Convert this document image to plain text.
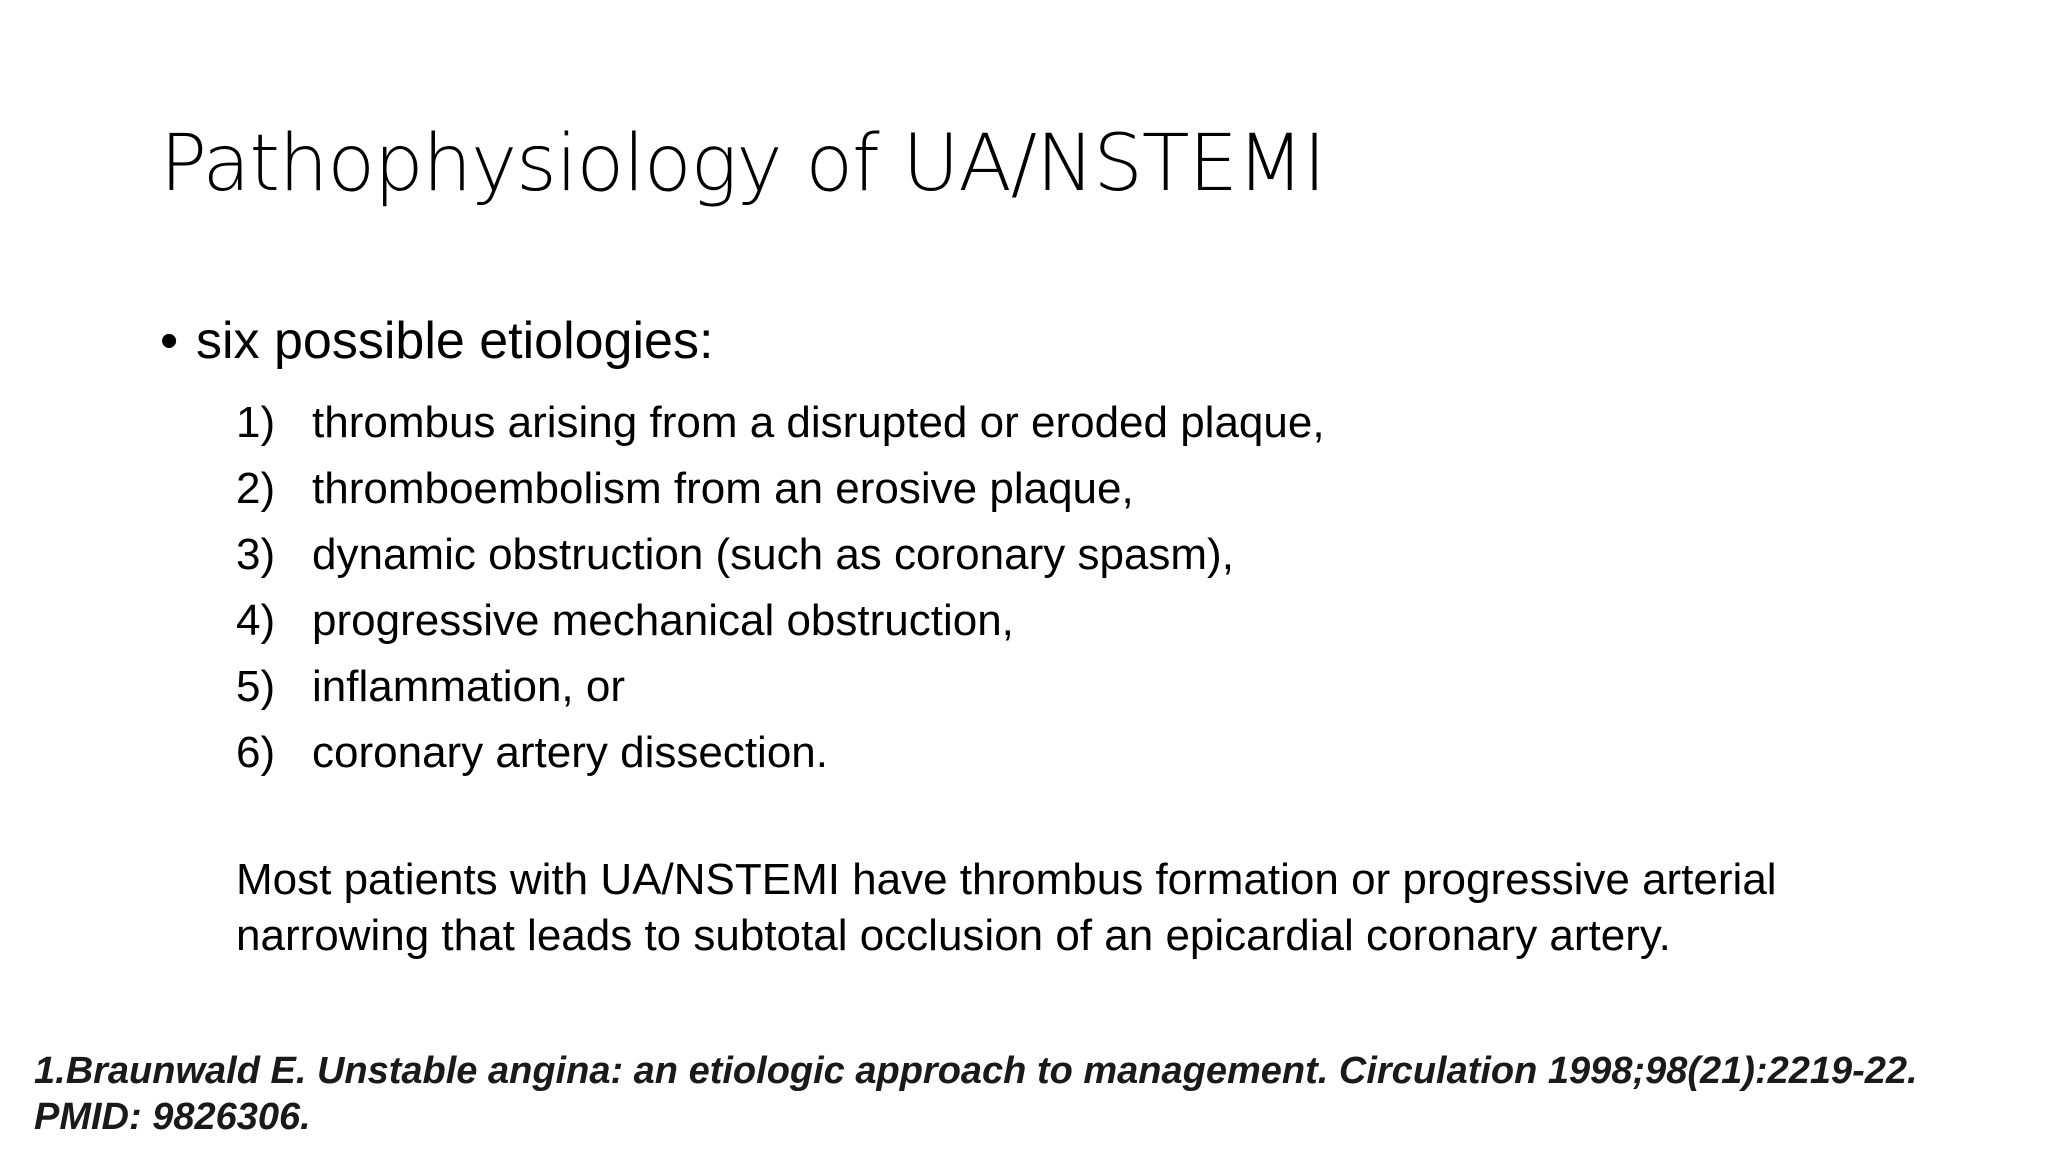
Pathophysiology of UA/NSTEMI
• six possible etiologies:
1) thrombus arising from a disrupted or eroded plaque,
2) thromboembolism from an erosive plaque,
3) dynamic obstruction (such as coronary spasm),
4) progressive mechanical obstruction,
5) inflammation, or
6) coronary artery dissection.
Most patients with UA/NSTEMI have thrombus formation or progressive arterial narrowing that leads to subtotal occlusion of an epicardial coronary artery.
1.Braunwald E. Unstable angina: an etiologic approach to management. Circulation 1998;98(21):2219-22.
PMID: 9826306.
